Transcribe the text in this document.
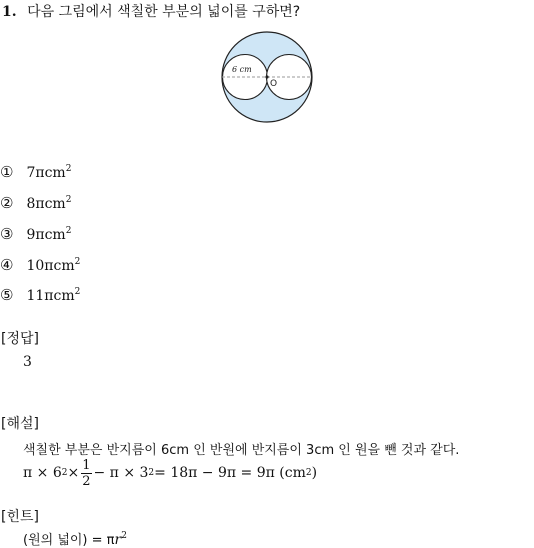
1. 다음 그림에서 색칠한 부분의 넓이를 구하면?
6 cm
O
① 7πcm$^2$
② 8πcm$^2$
③ 9πcm$^2$
④ 10πcm$^2$
⑤ 11πcm$^2$
[정답]
3
[해설]
색칠한 부분은 반지름이 6cm 인 반원에 반지름이 3cm 인 원을 뺀 것과 같다.
π × 6 $2 \times \frac{1}{2} - \pi \times 3$ 2 = 18π − 9π = 9π (cm 2 )
[힌트]
(원의 넓이) = $\pi r^2$
